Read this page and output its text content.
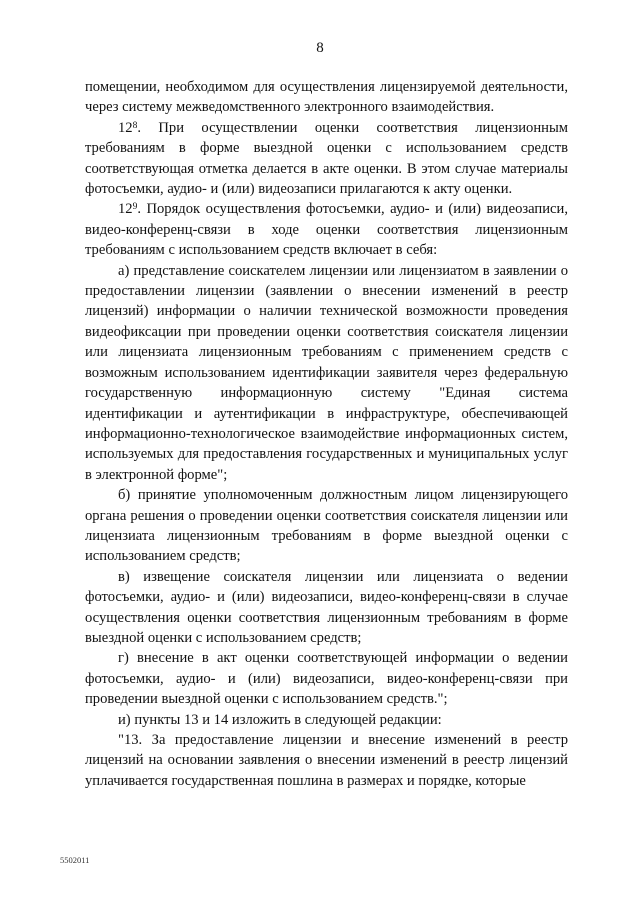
8

помещении, необходимом для осуществления лицензируемой деятельности, через систему межведомственного электронного взаимодействия.

$12^8$. При осуществлении оценки соответствия лицензионным требованиям в форме выездной оценки с использованием средств соответствующая отметка делается в акте оценки. В этом случае материалы фотосъемки, аудио- и (или) видеозаписи прилагаются к акту оценки.

$12^9$. Порядок осуществления фотосъемки, аудио- и (или) видеозаписи, видео-конференц-связи в ходе оценки соответствия лицензионным требованиям с использованием средств включает в себя:

а) представление соискателем лицензии или лицензиатом в заявлении о предоставлении лицензии (заявлении о внесении изменений в реестр лицензий) информации о наличии технической возможности проведения видеофиксации при проведении оценки соответствия соискателя лицензии или лицензиата лицензионным требованиям с применением средств с возможным использованием идентификации заявителя через федеральную государственную информационную систему "Единая система идентификации и аутентификации в инфраструктуре, обеспечивающей информационно-технологическое взаимодействие информационных систем, используемых для предоставления государственных и муниципальных услуг в электронной форме";

б) принятие уполномоченным должностным лицом лицензирующего органа решения о проведении оценки соответствия соискателя лицензии или лицензиата лицензионным требованиям в форме выездной оценки с использованием средств;

в) извещение соискателя лицензии или лицензиата о ведении фотосъемки, аудио- и (или) видеозаписи, видео-конференц-связи в случае осуществления оценки соответствия лицензионным требованиям в форме выездной оценки с использованием средств;

г) внесение в акт оценки соответствующей информации о ведении фотосъемки, аудио- и (или) видеозаписи, видео-конференц-связи при проведении выездной оценки с использованием средств.";

и) пункты 13 и 14 изложить в следующей редакции:

"13. За предоставление лицензии и внесение изменений в реестр лицензий на основании заявления о внесении изменений в реестр лицензий уплачивается государственная пошлина в размерах и порядке, которые

5502011
